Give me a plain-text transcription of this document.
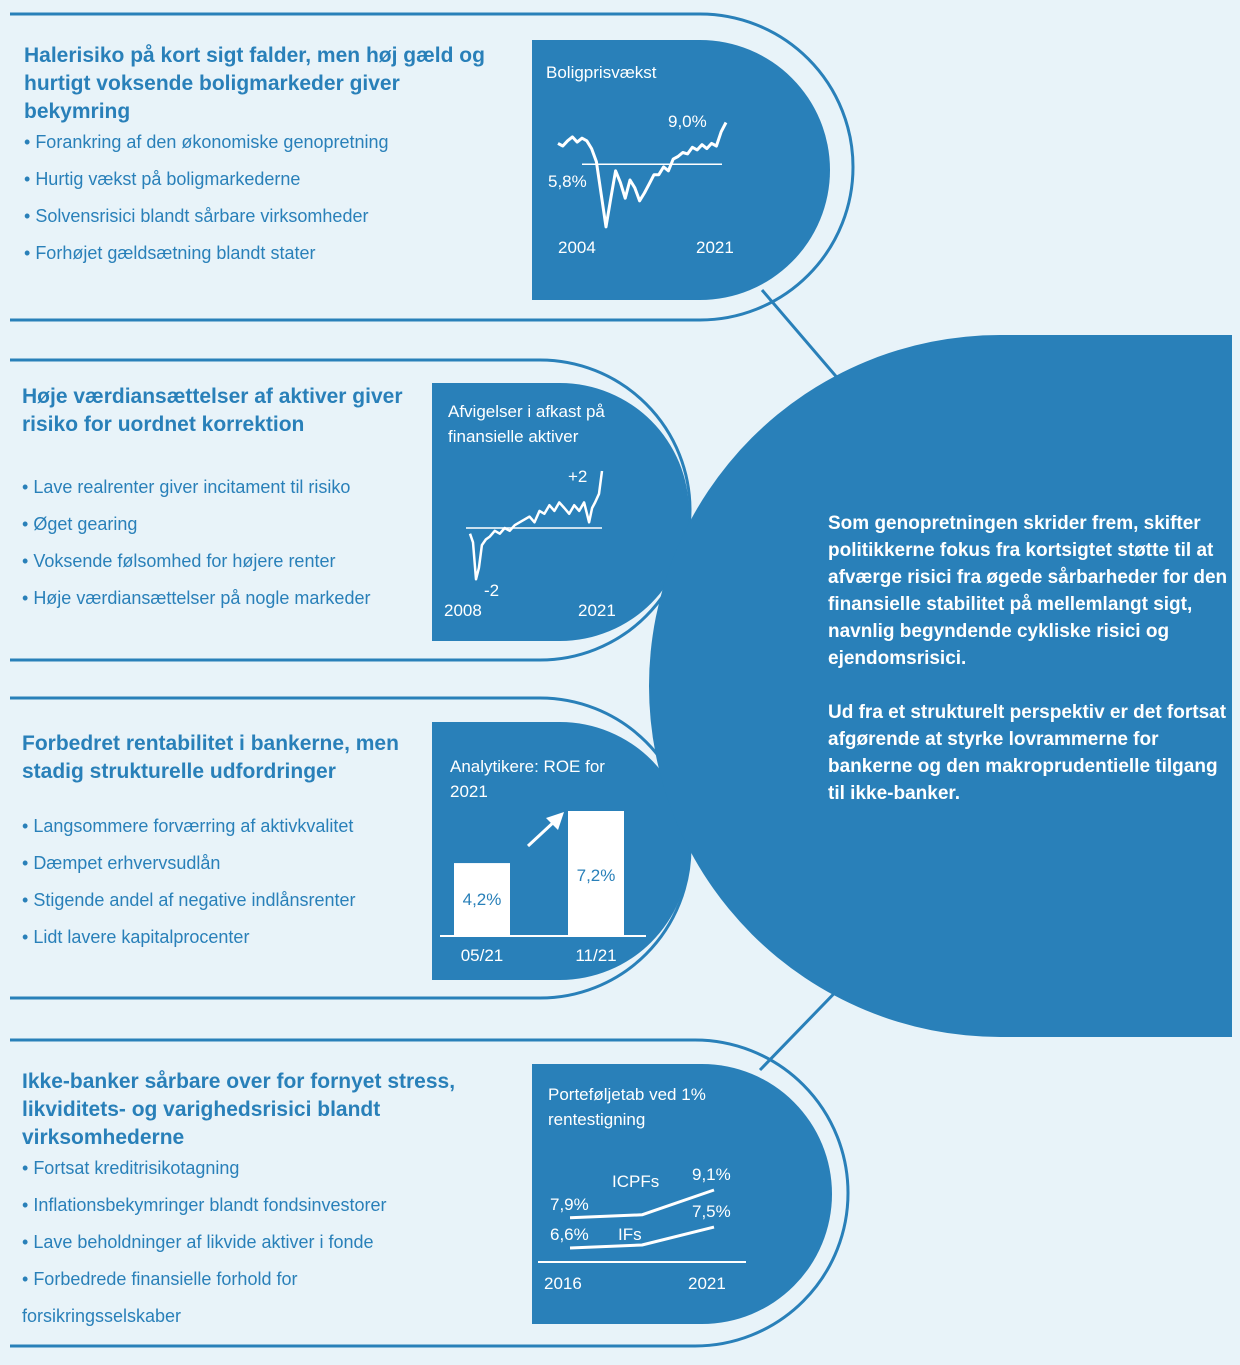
Halerisiko på kort sigt falder, men høj gæld og hurtigt voksende boligmarkeder giver bekymring
• Forankring af den økonomiske genopretning
• Hurtig vækst på boligmarkederne
• Solvensrisici blandt sårbare virksomheder
• Forhøjet gældsætning blandt stater
Boligprisvækst
5,8%
9,0%
2004	2021
Høje værdiansættelser af aktiver giver risiko for uordnet korrektion
• Lave realrenter giver incitament til risiko
• Øget gearing
• Voksende følsomhed for højere renter
• Høje værdiansættelser på nogle markeder
Afvigelser i afkast på finansielle aktiver
+2
-2
2008	2021
Forbedret rentabilitet i bankerne, men stadig strukturelle udfordringer
• Langsommere forværring af aktivkvalitet
• Dæmpet erhvervsudlån
• Stigende andel af negative indlånsrenter
• Lidt lavere kapitalprocenter
Analytikere: ROE for 2021
4,2%
05/21
7,2%
11/21
Ikke-banker sårbare over for fornyet stress, likviditets- og varighedsrisici blandt virksomhederne
• Fortsat kreditrisikotagning
• Inflationsbekymringer blandt fondsinvestorer
• Lave beholdninger af likvide aktiver i fonde
• Forbedrede finansielle forhold for forsikringsselskaber
Porteføljetab ved 1% rentestigning
7,9%
9,1%
ICPFs
6,6%
7,5%
IFs
2016	2021

Som genopretningen skrider frem, skifter politikkerne fokus fra kortsigtet støtte til at afværge risici fra øgede sårbarheder for den finansielle stabilitet på mellemlangt sigt, navnlig begyndende cykliske risici og ejendomsrisici.

Ud fra et strukturelt perspektiv er det fortsat afgørende at styrke lovrammerne for bankerne og den makroprudentielle tilgang til ikke-banker.
